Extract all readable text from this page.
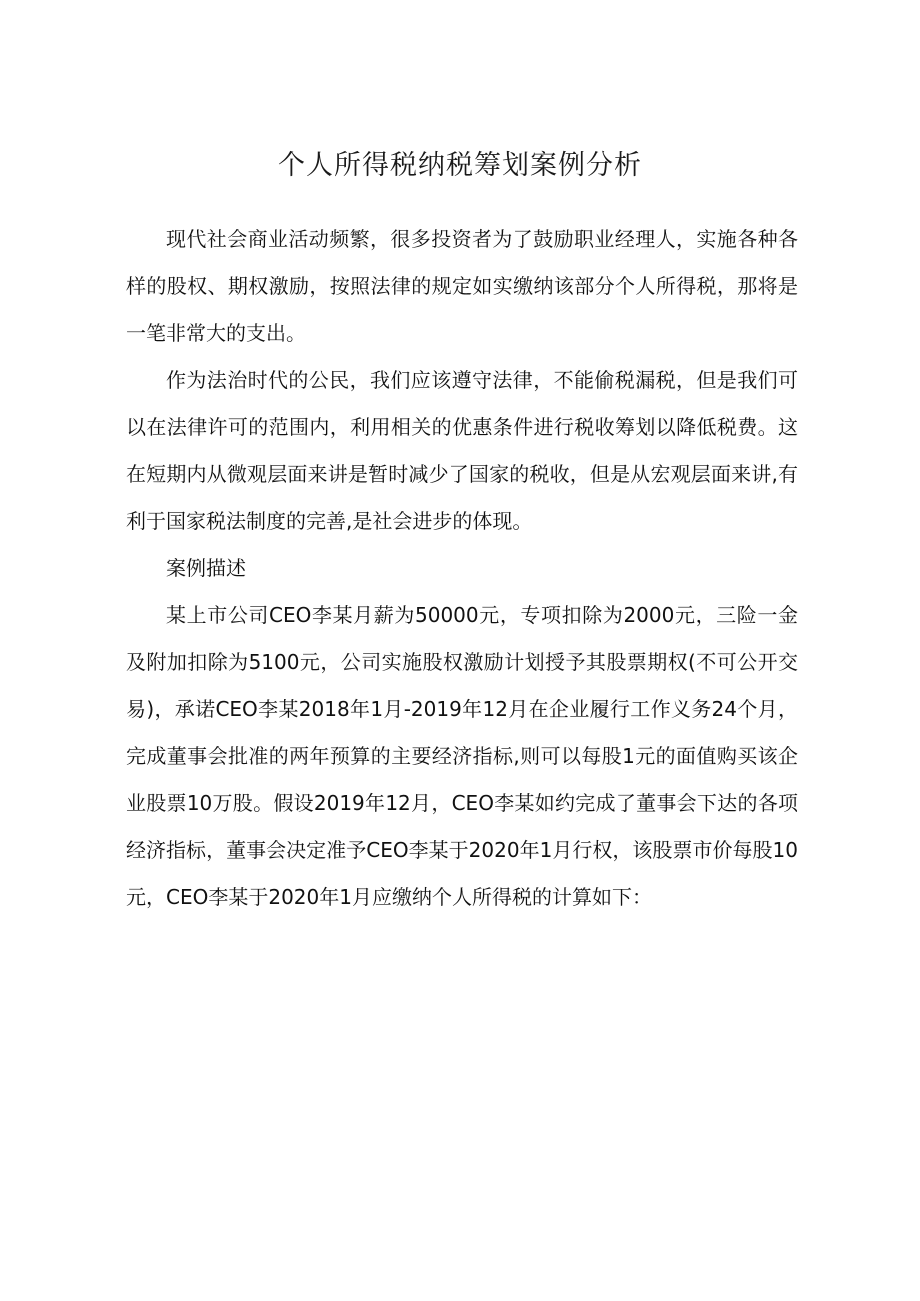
个人所得税纳税筹划案例分析

现代社会商业活动频繁，很多投资者为了鼓励职业经理人，实施各种各样的股权、期权激励，按照法律的规定如实缴纳该部分个人所得税，那将是一笔非常大的支出。

作为法治时代的公民，我们应该遵守法律，不能偷税漏税，但是我们可以在法律许可的范围内，利用相关的优惠条件进行税收筹划以降低税费。这在短期内从微观层面来讲是暂时减少了国家的税收，但是从宏观层面来讲,有利于国家税法制度的完善,是社会进步的体现。

案例描述

某上市公司CEO李某月薪为50000元，专项扣除为2000元，三险一金及附加扣除为5100元，公司实施股权激励计划授予其股票期权(不可公开交易)，承诺CEO李某2018年1月-2019年12月在企业履行工作义务24个月，完成董事会批准的两年预算的主要经济指标,则可以每股1元的面值购买该企业股票10万股。假设2019年12月，CEO李某如约完成了董事会下达的各项经济指标，董事会决定准予CEO李某于2020年1月行权，该股票市价每股10元，CEO李某于2020年1月应缴纳个人所得税的计算如下：
